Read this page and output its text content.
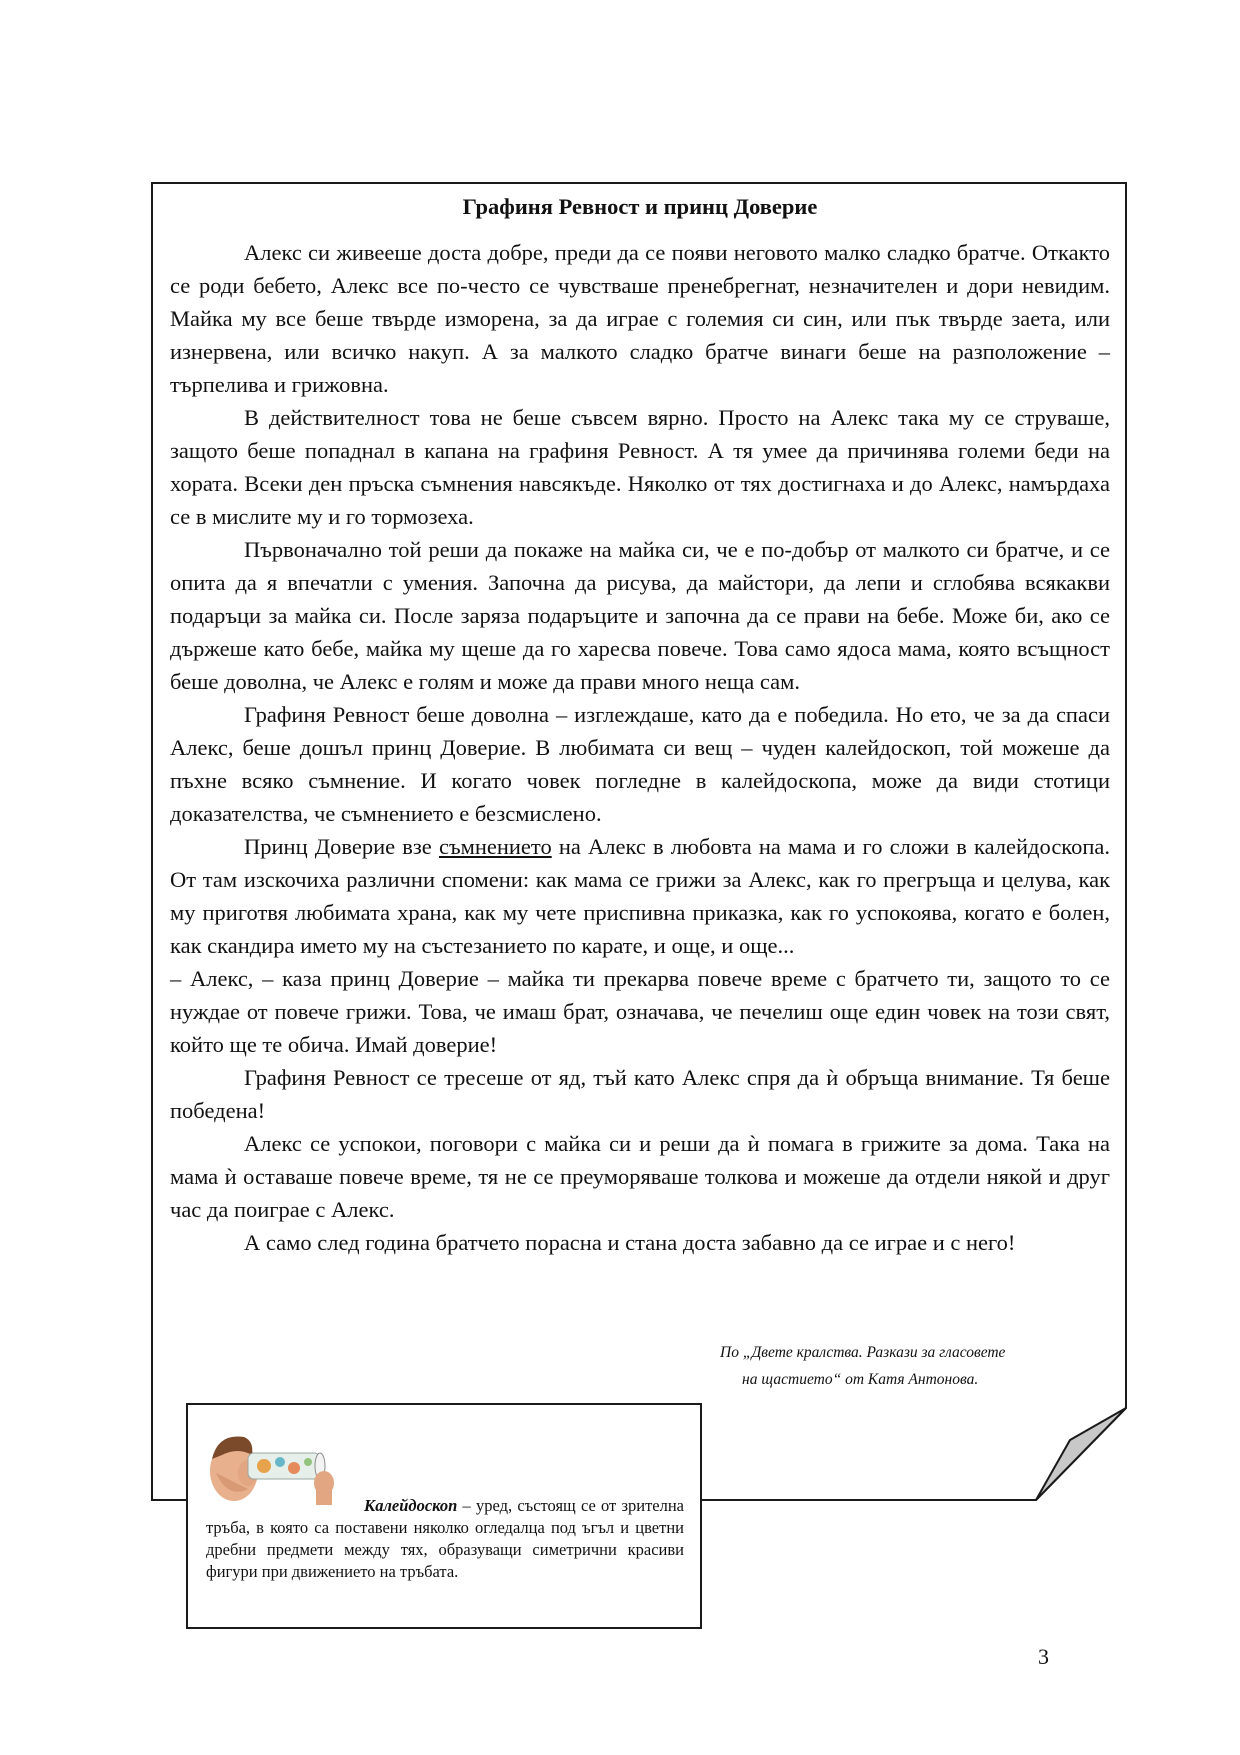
Графиня Ревност и принц Доверие

Алекс си живееше доста добре, преди да се появи неговото малко сладко братче. Откакто се роди бебето, Алекс все по-често се чувстваше пренебрегнат, незначителен и дори невидим. Майка му все беше твърде изморена, за да играе с големия си син, или пък твърде заета, или изнервена, или всичко накуп. А за малкото сладко братче винаги беше на разположение – търпелива и грижовна.

В действителност това не беше съвсем вярно. Просто на Алекс така му се струваше, защото беше попаднал в капана на графиня Ревност. А тя умее да причинява големи беди на хората. Всеки ден пръска съмнения навсякъде. Няколко от тях достигнаха и до Алекс, намърдаха се в мислите му и го тормозеха.

Първоначално той реши да покаже на майка си, че е по-добър от малкото си братче, и се опита да я впечатли с умения. Започна да рисува, да майстори, да лепи и сглобява всякакви подаръци за майка си. После заряза подаръците и започна да се прави на бебе. Може би, ако се държеше като бебе, майка му щеше да го харесва повече. Това само ядоса мама, която всъщност беше доволна, че Алекс е голям и може да прави много неща сам.

Графиня Ревност беше доволна – изглеждаше, като да е победила. Но ето, че за да спаси Алекс, беше дошъл принц Доверие. В любимата си вещ – чуден калейдоскоп, той можеше да пъхне всяко съмнение. И когато човек погледне в калейдоскопа, може да види стотици доказателства, че съмнението е безсмислено.

Принц Доверие взе съмнението на Алекс в любовта на мама и го сложи в калейдоскопа. От там изскочиха различни спомени: как мама се грижи за Алекс, как го прегръща и целува, как му приготвя любимата храна, как му чете приспивна приказка, как го успокоява, когато е болен, как скандира името му на състезанието по карате, и още, и още...

– Алекс, – каза принц Доверие – майка ти прекарва повече време с братчето ти, защото то се нуждае от повече грижи. Това, че имаш брат, означава, че печелиш още един човек на този свят, който ще те обича. Имай доверие!

Графиня Ревност се тресеше от яд, тъй като Алекс спря да ѝ обръща внимание. Тя беше победена!

Алекс се успокои, поговори с майка си и реши да ѝ помага в грижите за дома. Така на мама ѝ оставаше повече време, тя не се преуморяваше толкова и можеше да отдели някой и друг час да поиграе с Алекс.

А само след година братчето порасна и стана доста забавно да се играе и с него!

По „Двете кралства. Разкази за гласовете
на щастието“ от Катя Антонова.
Калейдоскоп – уред, състоящ се от зрителна тръба, в която са поставени няколко огледалца под ъгъл и цветни дребни предмети между тях, образуващи симетрични красиви фигури при движението на тръбата.
3
